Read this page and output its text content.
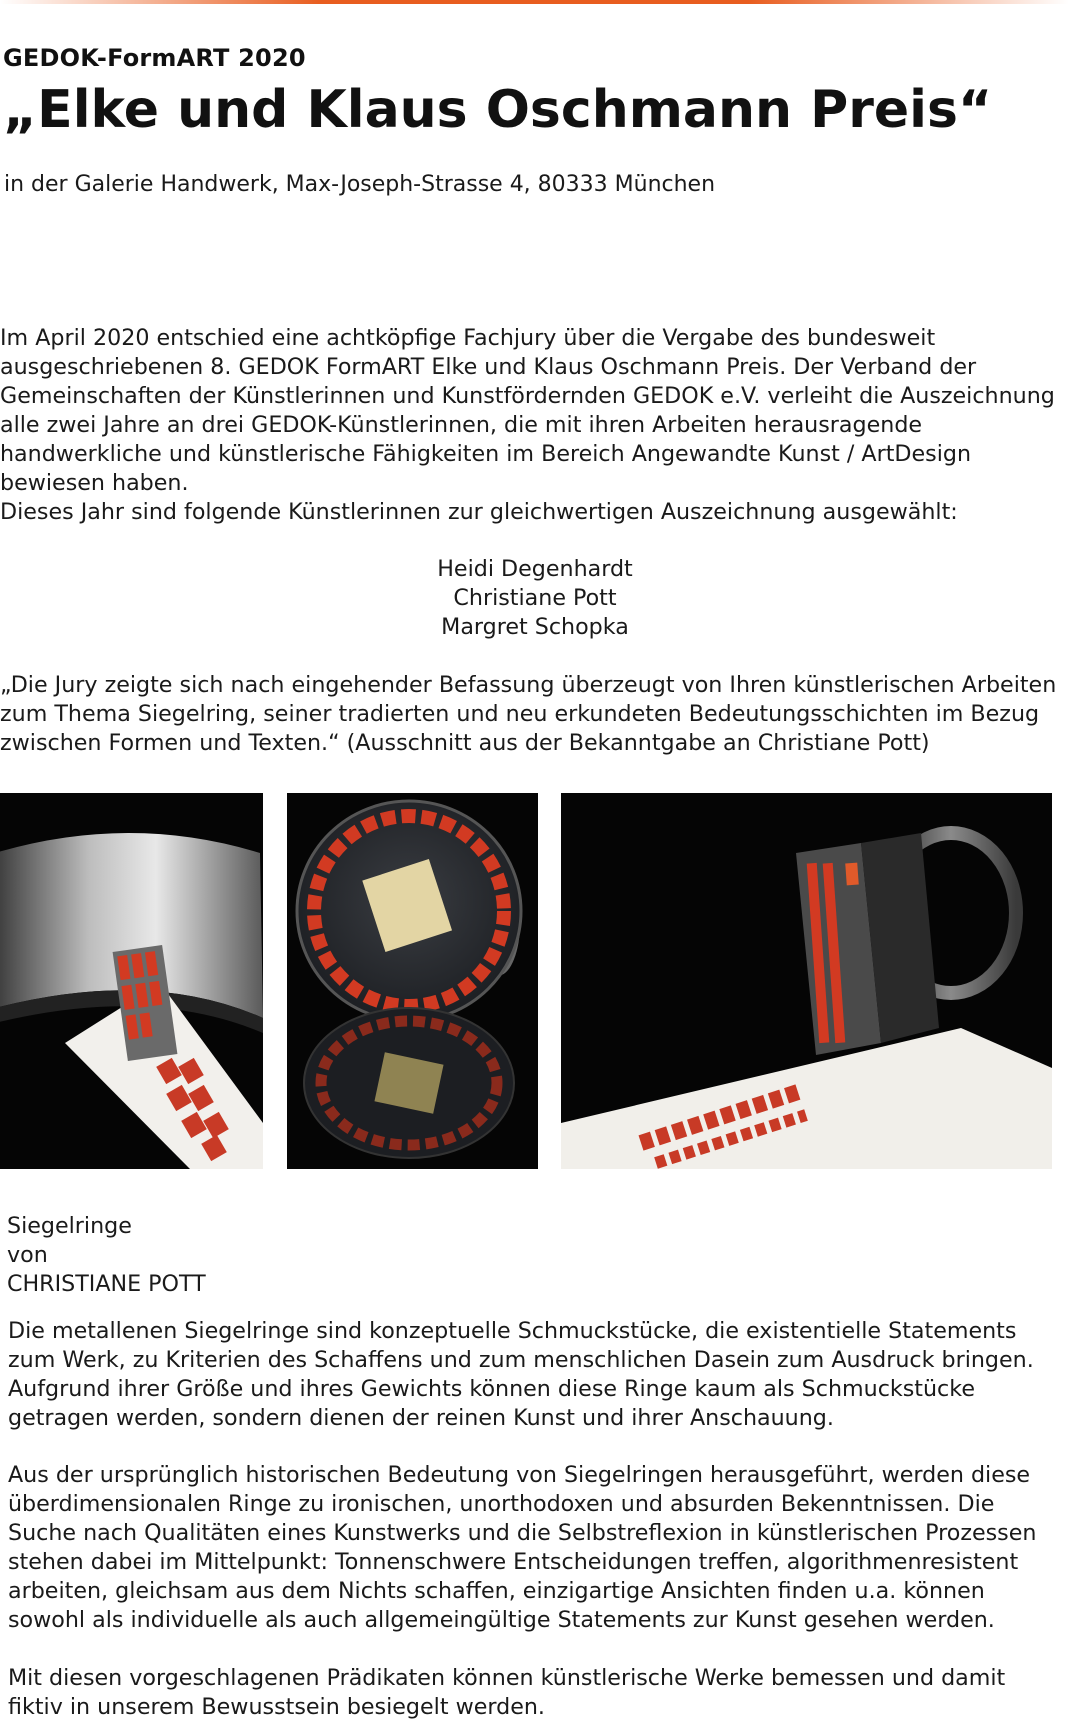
GEDOK-FormART 2020
„Elke und Klaus Oschmann Preis“

in der Galerie Handwerk, Max-Joseph-Strasse 4, 80333 München

Im April 2020 entschied eine achtköpfige Fachjury über die Vergabe des bundesweit ausgeschriebenen 8. GEDOK FormART Elke und Klaus Oschmann Preis. Der Verband der Gemeinschaften der Künstlerinnen und Kunstfördernden GEDOK e.V. verleiht die Auszeichnung alle zwei Jahre an drei GEDOK-Künstlerinnen, die mit ihren Arbeiten herausragende handwerkliche und künstlerische Fähigkeiten im Bereich Angewandte Kunst / ArtDesign bewiesen haben.

Dieses Jahr sind folgende Künstlerinnen zur gleichwertigen Auszeichnung ausgewählt:

Heidi Degenhardt
Christiane Pott
Margret Schopka

„Die Jury zeigte sich nach eingehender Befassung überzeugt von Ihren künstlerischen Arbeiten zum Thema Siegelring, seiner tradierten und neu erkundeten Bedeutungsschichten im Bezug zwischen Formen und Texten.“ (Ausschnitt aus der Bekanntgabe an Christiane Pott)

Siegelringe
von
CHRISTIANE POTT

Die metallenen Siegelringe sind konzeptuelle Schmuckstücke, die existentielle Statements zum Werk, zu Kriterien des Schaffens und zum menschlichen Dasein zum Ausdruck bringen. Aufgrund ihrer Größe und ihres Gewichts können diese Ringe kaum als Schmuckstücke getragen werden, sondern dienen der reinen Kunst und ihrer Anschauung.

Aus der ursprünglich historischen Bedeutung von Siegelringen herausgeführt, werden diese überdimensionalen Ringe zu ironischen, unorthodoxen und absurden Bekenntnissen. Die Suche nach Qualitäten eines Kunstwerks und die Selbstreflexion in künstlerischen Prozessen stehen dabei im Mittelpunkt: Tonnenschwere Entscheidungen treffen, algorithmenresistent arbeiten, gleichsam aus dem Nichts schaffen, einzigartige Ansichten finden u.a. können sowohl als individuelle als auch allgemeingültige Statements zur Kunst gesehen werden.

Mit diesen vorgeschlagenen Prädikaten können künstlerische Werke bemessen und damit fiktiv in unserem Bewusstsein besiegelt werden.
